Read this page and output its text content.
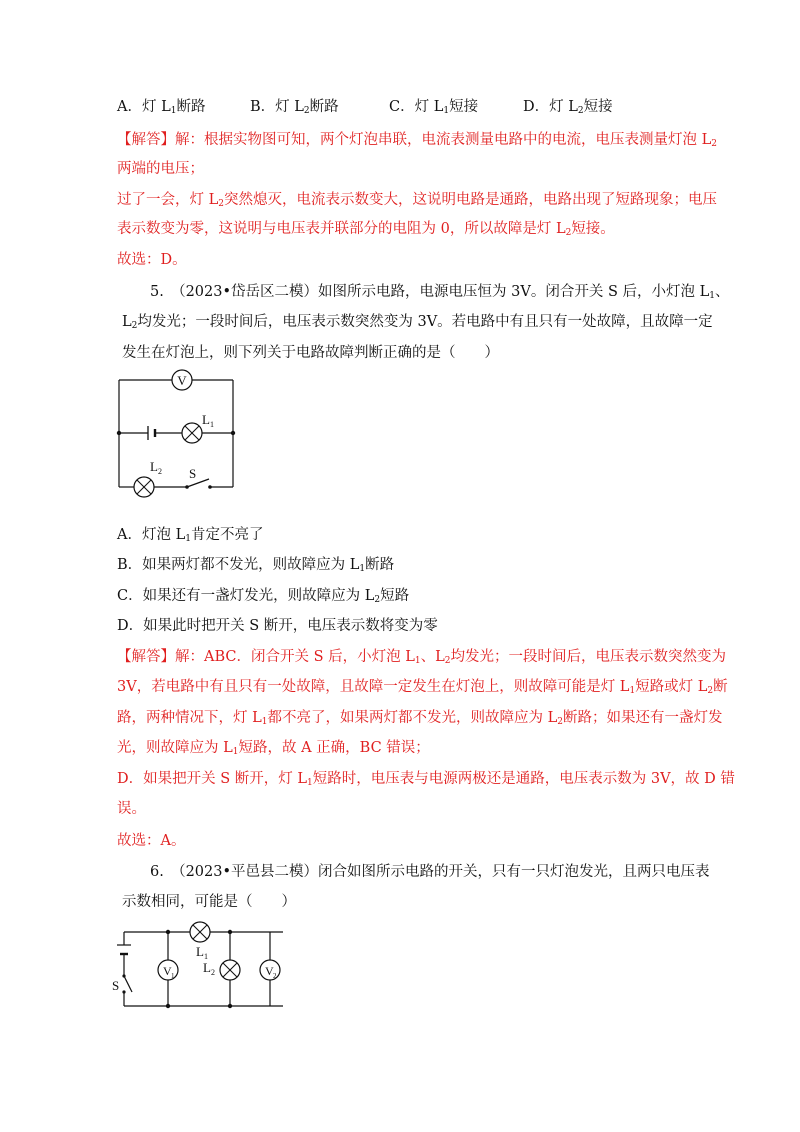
A．灯 $L_1$断路	B．灯 $L_2$断路	C．灯 $L_1$短接	D．灯 $L_2$短接
【解答】解：根据实物图可知，两个灯泡串联，电流表测量电路中的电流，电压表测量灯泡 $L_2$
两端的电压；
过了一会，灯 $L_2$突然熄灭，电流表示数变大，这说明电路是通路，电路出现了短路现象；电压
表示数变为零，这说明与电压表并联部分的电阻为 0，所以故障是灯 $L_2$短接。
故选：D。
5.　（2023•岱岳区二模）如图所示电路，电源电压恒为 3V。闭合开关 S 后，小灯泡 $L_1$、
$L_2$均发光；一段时间后，电压表示数突然变为 3V。若电路中有且只有一处故障，且故障一定
发生在灯泡上，则下列关于电路故障判断正确的是（　　）
V
L 1
L 2 S
A．灯泡 $L_1$肯定不亮了
B．如果两灯都不发光，则故障应为 $L_1$断路
C．如果还有一盏灯发光，则故障应为 $L_2$短路
D．如果此时把开关 S 断开，电压表示数将变为零
【解答】解：ABC．闭合开关 S 后，小灯泡 $L_1$、$L_2$均发光；一段时间后，电压表示数突然变为
3V，若电路中有且只有一处故障，且故障一定发生在灯泡上，则故障可能是灯 $L_1$短路或灯 $L_2$断
路，两种情况下，灯 $L_1$都不亮了，如果两灯都不发光，则故障应为 $L_2$断路；如果还有一盏灯发
光，则故障应为 $L_1$短路，故 A 正确，BC 错误；
D．如果把开关 S 断开，灯 $L_1$短路时，电压表与电源两极还是通路，电压表示数为 3V，故 D 错
误。
故选：A。
6.　（2023•平邑县二模）闭合如图所示电路的开关，只有一只灯泡发光，且两只电压表
示数相同，可能是（　　）
S
L 1
L 2
V 1	V 2
